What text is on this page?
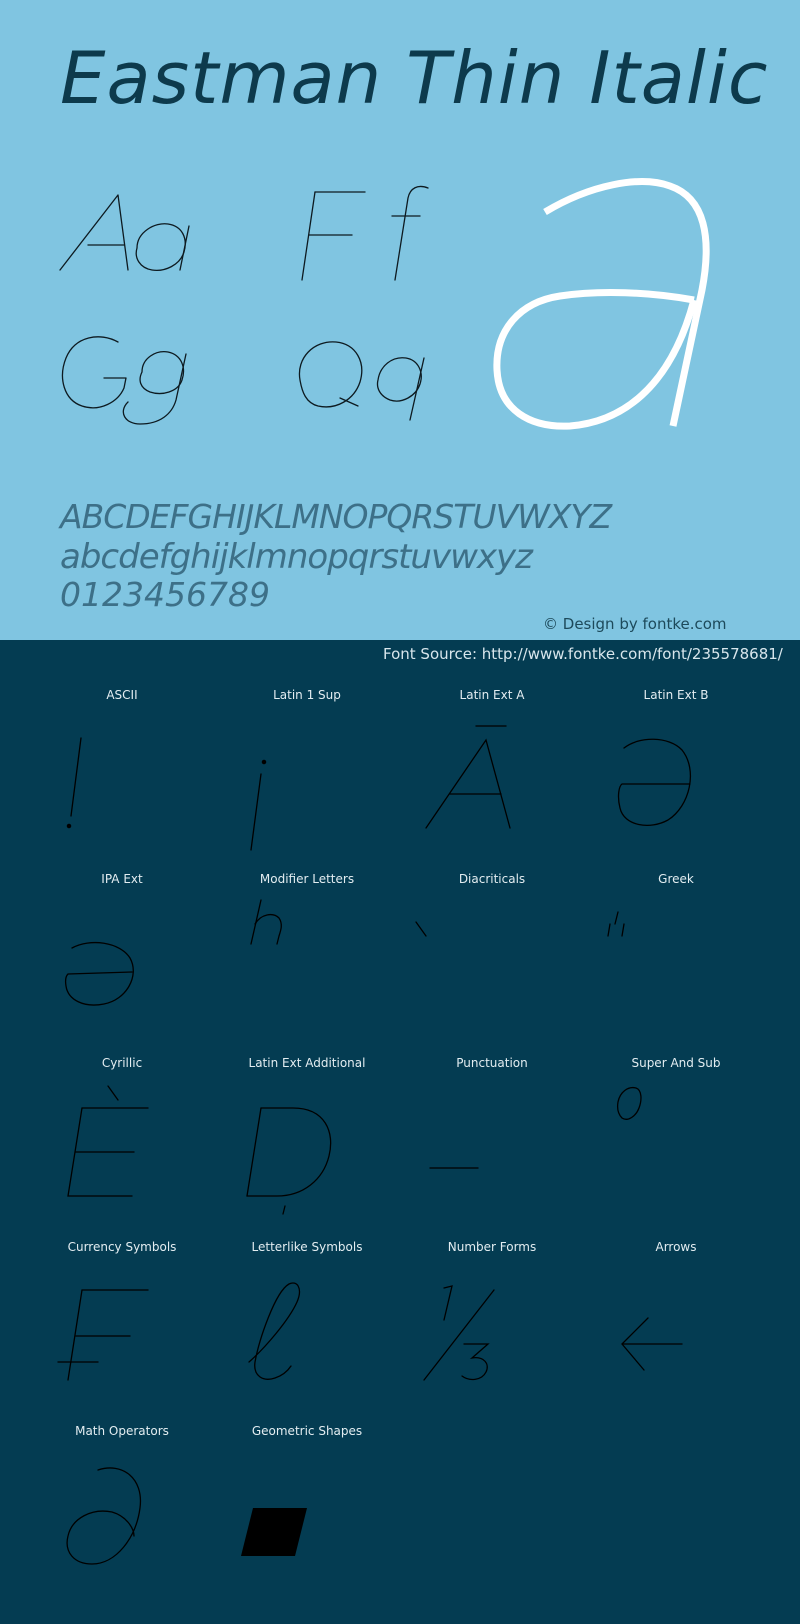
Eastman Thin Italic
ABCDEFGHIJKLMNOPQRSTUVWXYZ
abcdefghijklmnopqrstuvwxyz
0123456789
© Design by fontke.com
Font Source: http://www.fontke.com/font/235578681/
ASCII	Latin 1 Sup	Latin Ext A	Latin Ext B
IPA Ext	Modifier Letters	Diacriticals	Greek
Cyrillic	Latin Ext Additional	Punctuation	Super And Sub
Currency Symbols	Letterlike Symbols	Number Forms	Arrows
Math Operators	Geometric Shapes
